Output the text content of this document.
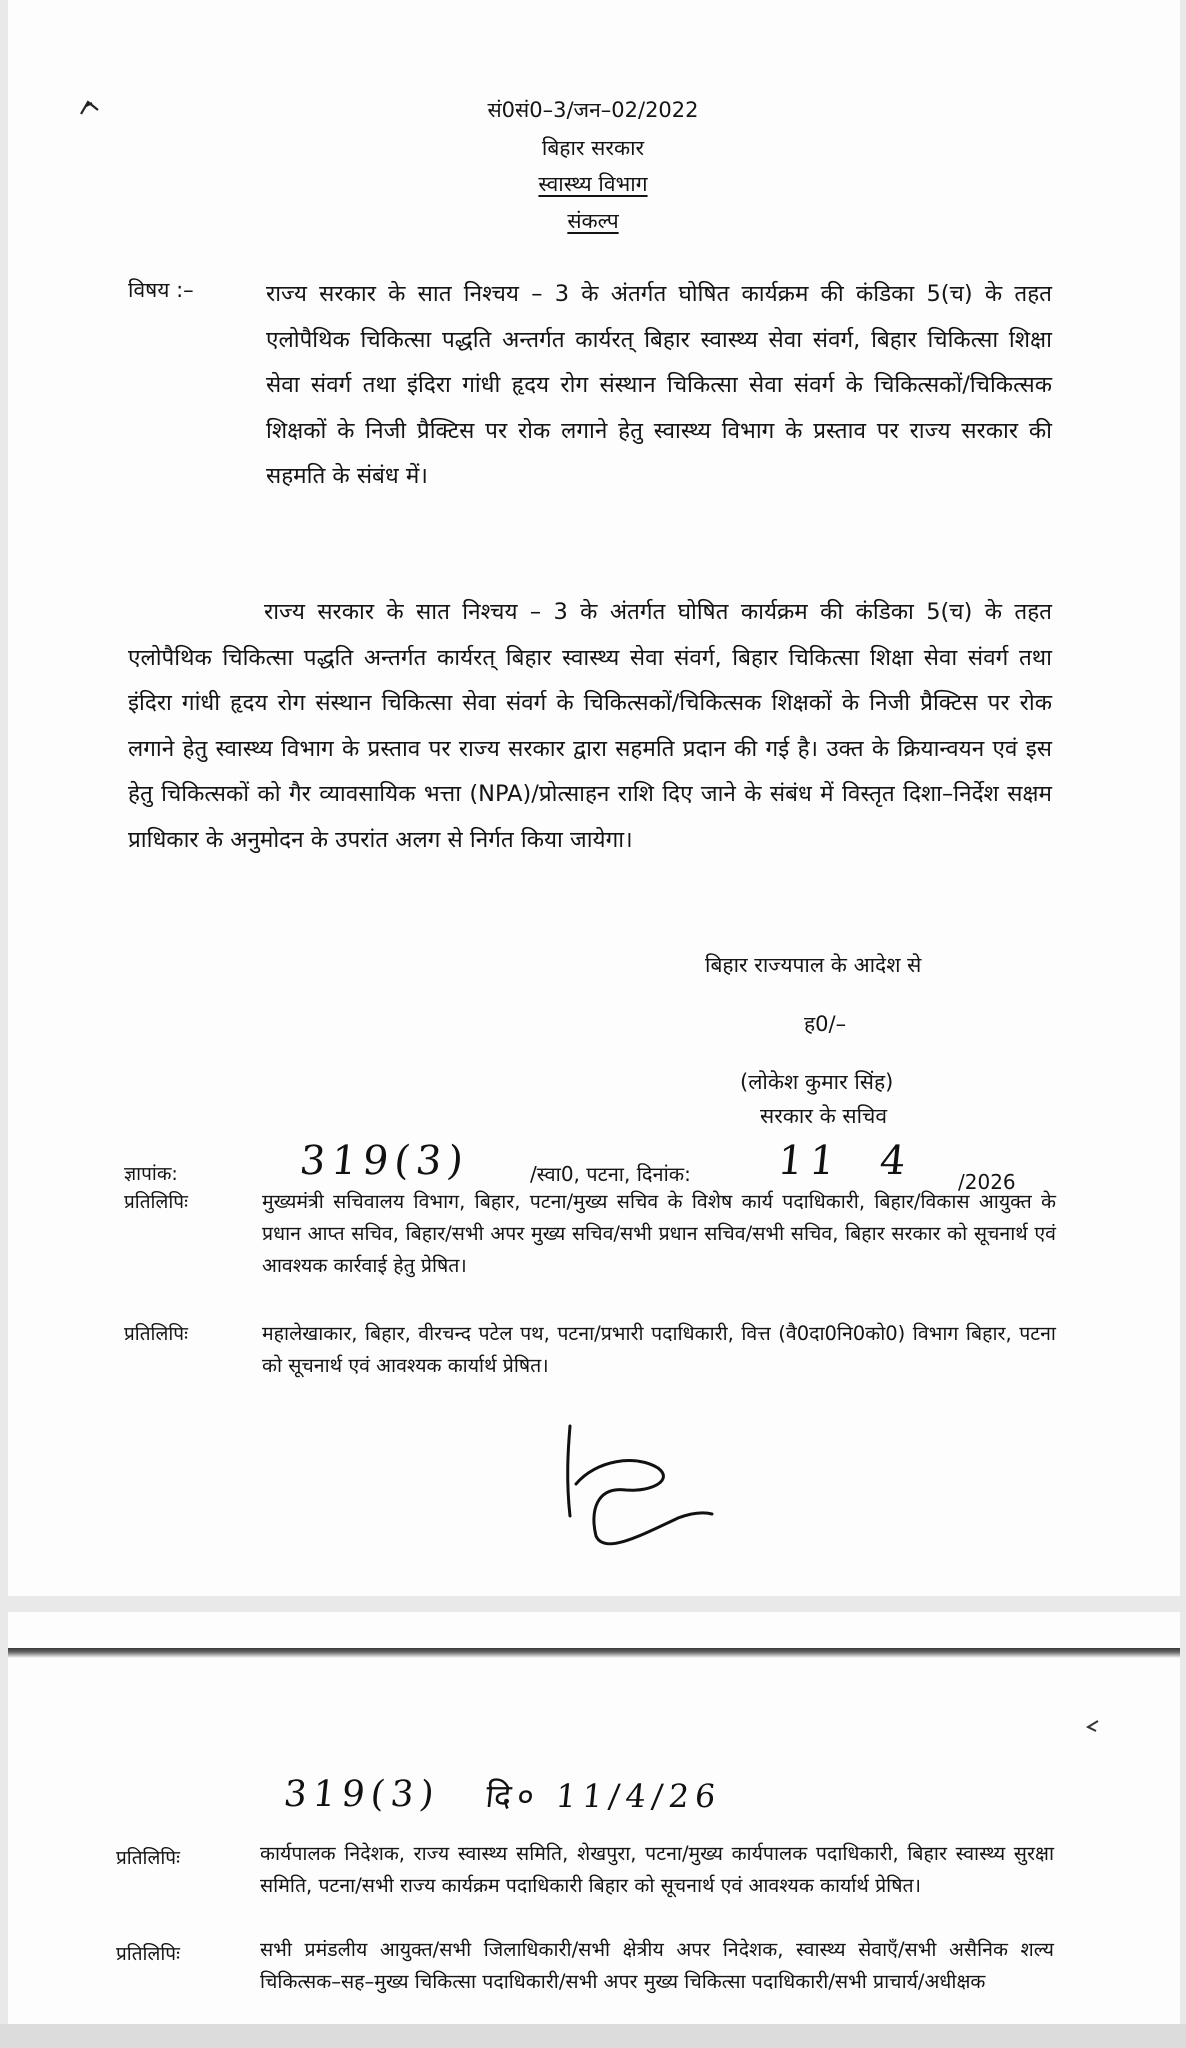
सं0सं0–3/जन–02/2022
बिहार सरकार
स्वास्थ्य विभाग
संकल्प
विषय :–	राज्य सरकार के सात निश्चय – 3 के अंतर्गत घोषित कार्यक्रम की कंडिका 5(च) के तहत एलोपैथिक चिकित्सा पद्धति अन्तर्गत कार्यरत् बिहार स्वास्थ्य सेवा संवर्ग, बिहार चिकित्सा शिक्षा सेवा संवर्ग तथा इंदिरा गांधी हृदय रोग संस्थान चिकित्सा सेवा संवर्ग के चिकित्सकों/चिकित्सक शिक्षकों के निजी प्रैक्टिस पर रोक लगाने हेतु स्वास्थ्य विभाग के प्रस्ताव पर राज्य सरकार की सहमति के संबंध में।

राज्य सरकार के सात निश्चय – 3 के अंतर्गत घोषित कार्यक्रम की कंडिका 5(च) के तहत एलोपैथिक चिकित्सा पद्धति अन्तर्गत कार्यरत् बिहार स्वास्थ्य सेवा संवर्ग, बिहार चिकित्सा शिक्षा सेवा संवर्ग तथा इंदिरा गांधी हृदय रोग संस्थान चिकित्सा सेवा संवर्ग के चिकित्सकों/चिकित्सक शिक्षकों के निजी प्रैक्टिस पर रोक लगाने हेतु स्वास्थ्य विभाग के प्रस्ताव पर राज्य सरकार द्वारा सहमति प्रदान की गई है। उक्त के क्रियान्वयन एवं इस हेतु चिकित्सकों को गैर व्यावसायिक भत्ता (NPA)/प्रोत्साहन राशि दिए जाने के संबंध में विस्तृत दिशा–निर्देश सक्षम प्राधिकार के अनुमोदन के उपरांत अलग से निर्गत किया जायेगा।

बिहार राज्यपाल के आदेश से
ह0/–
(लोकेश कुमार सिंह)
सरकार के सचिव
ज्ञापांक:	319(3)	/स्वा0, पटना, दिनांक: 11 4 /2026
प्रतिलिपिः	मुख्यमंत्री सचिवालय विभाग, बिहार, पटना/मुख्य सचिव के विशेष कार्य पदाधिकारी, बिहार/विकास आयुक्त के प्रधान आप्त सचिव, बिहार/सभी अपर मुख्य सचिव/सभी प्रधान सचिव/सभी सचिव, बिहार सरकार को सूचनार्थ एवं आवश्यक कार्रवाई हेतु प्रेषित।

प्रतिलिपिः	महालेखाकार, बिहार, वीरचन्द पटेल पथ, पटना/प्रभारी पदाधिकारी, वित्त (वै0दा0नि0को0) विभाग बिहार, पटना को सूचनार्थ एवं आवश्यक कार्यार्थ प्रेषित।

319(3) दि० 11/4/26
प्रतिलिपिः	कार्यपालक निदेशक, राज्य स्वास्थ्य समिति, शेखपुरा, पटना/मुख्य कार्यपालक पदाधिकारी, बिहार स्वास्थ्य सुरक्षा समिति, पटना/सभी राज्य कार्यक्रम पदाधिकारी बिहार को सूचनार्थ एवं आवश्यक कार्यार्थ प्रेषित।

प्रतिलिपिः	सभी प्रमंडलीय आयुक्त/सभी जिलाधिकारी/सभी क्षेत्रीय अपर निदेशक, स्वास्थ्य सेवाएँ/सभी असैनिक शल्य चिकित्सक–सह–मुख्य चिकित्सा पदाधिकारी/सभी अपर मुख्य चिकित्सा पदाधिकारी/सभी प्राचार्य/अधीक्षक
